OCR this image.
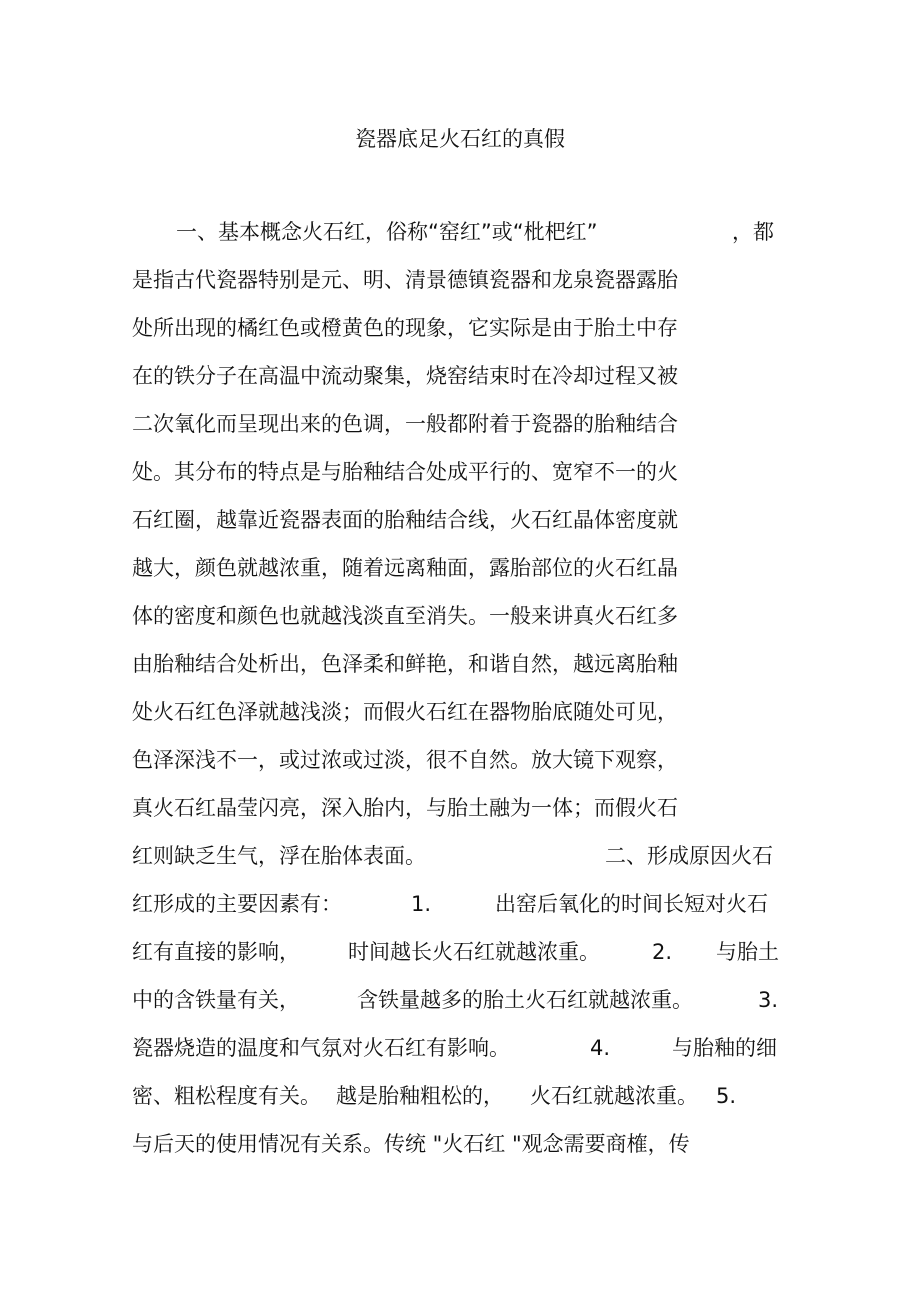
瓷器底足火石红的真假
一、基本概念火石红，俗称“窑红”或“枇杷红”	，都
是指古代瓷器特别是元、明、清景德镇瓷器和龙泉瓷器露胎
处所出现的橘红色或橙黄色的现象，它实际是由于胎土中存
在的铁分子在高温中流动聚集，烧窑结束时在冷却过程又被
二次氧化而呈现出来的色调，一般都附着于瓷器的胎釉结合
处。其分布的特点是与胎釉结合处成平行的、宽窄不一的火
石红圈，越靠近瓷器表面的胎釉结合线，火石红晶体密度就
越大，颜色就越浓重，随着远离釉面，露胎部位的火石红晶
体的密度和颜色也就越浅淡直至消失。一般来讲真火石红多
由胎釉结合处析出，色泽柔和鲜艳，和谐自然，越远离胎釉
处火石红色泽就越浅淡；而假火石红在器物胎底随处可见，
色泽深浅不一，或过浓或过淡，很不自然。放大镜下观察，
真火石红晶莹闪亮，深入胎内，与胎土融为一体；而假火石
红则缺乏生气，浮在胎体表面。	二、形成原因火石
红形成的主要因素有：	1.	出窑后氧化的时间长短对火石
红有直接的影响， 时间越长火石红就越浓重。 2. 与胎土
中的含铁量有关，	含铁量越多的胎土火石红就越浓重。	3.
瓷器烧造的温度和气氛对火石红有影响。	4.	与胎釉的细
密、粗松程度有关。 越是胎釉粗松的， 火石红就越浓重。 5.
与后天的使用情况有关系。传统 "火石红 "观念需要商榷，传
